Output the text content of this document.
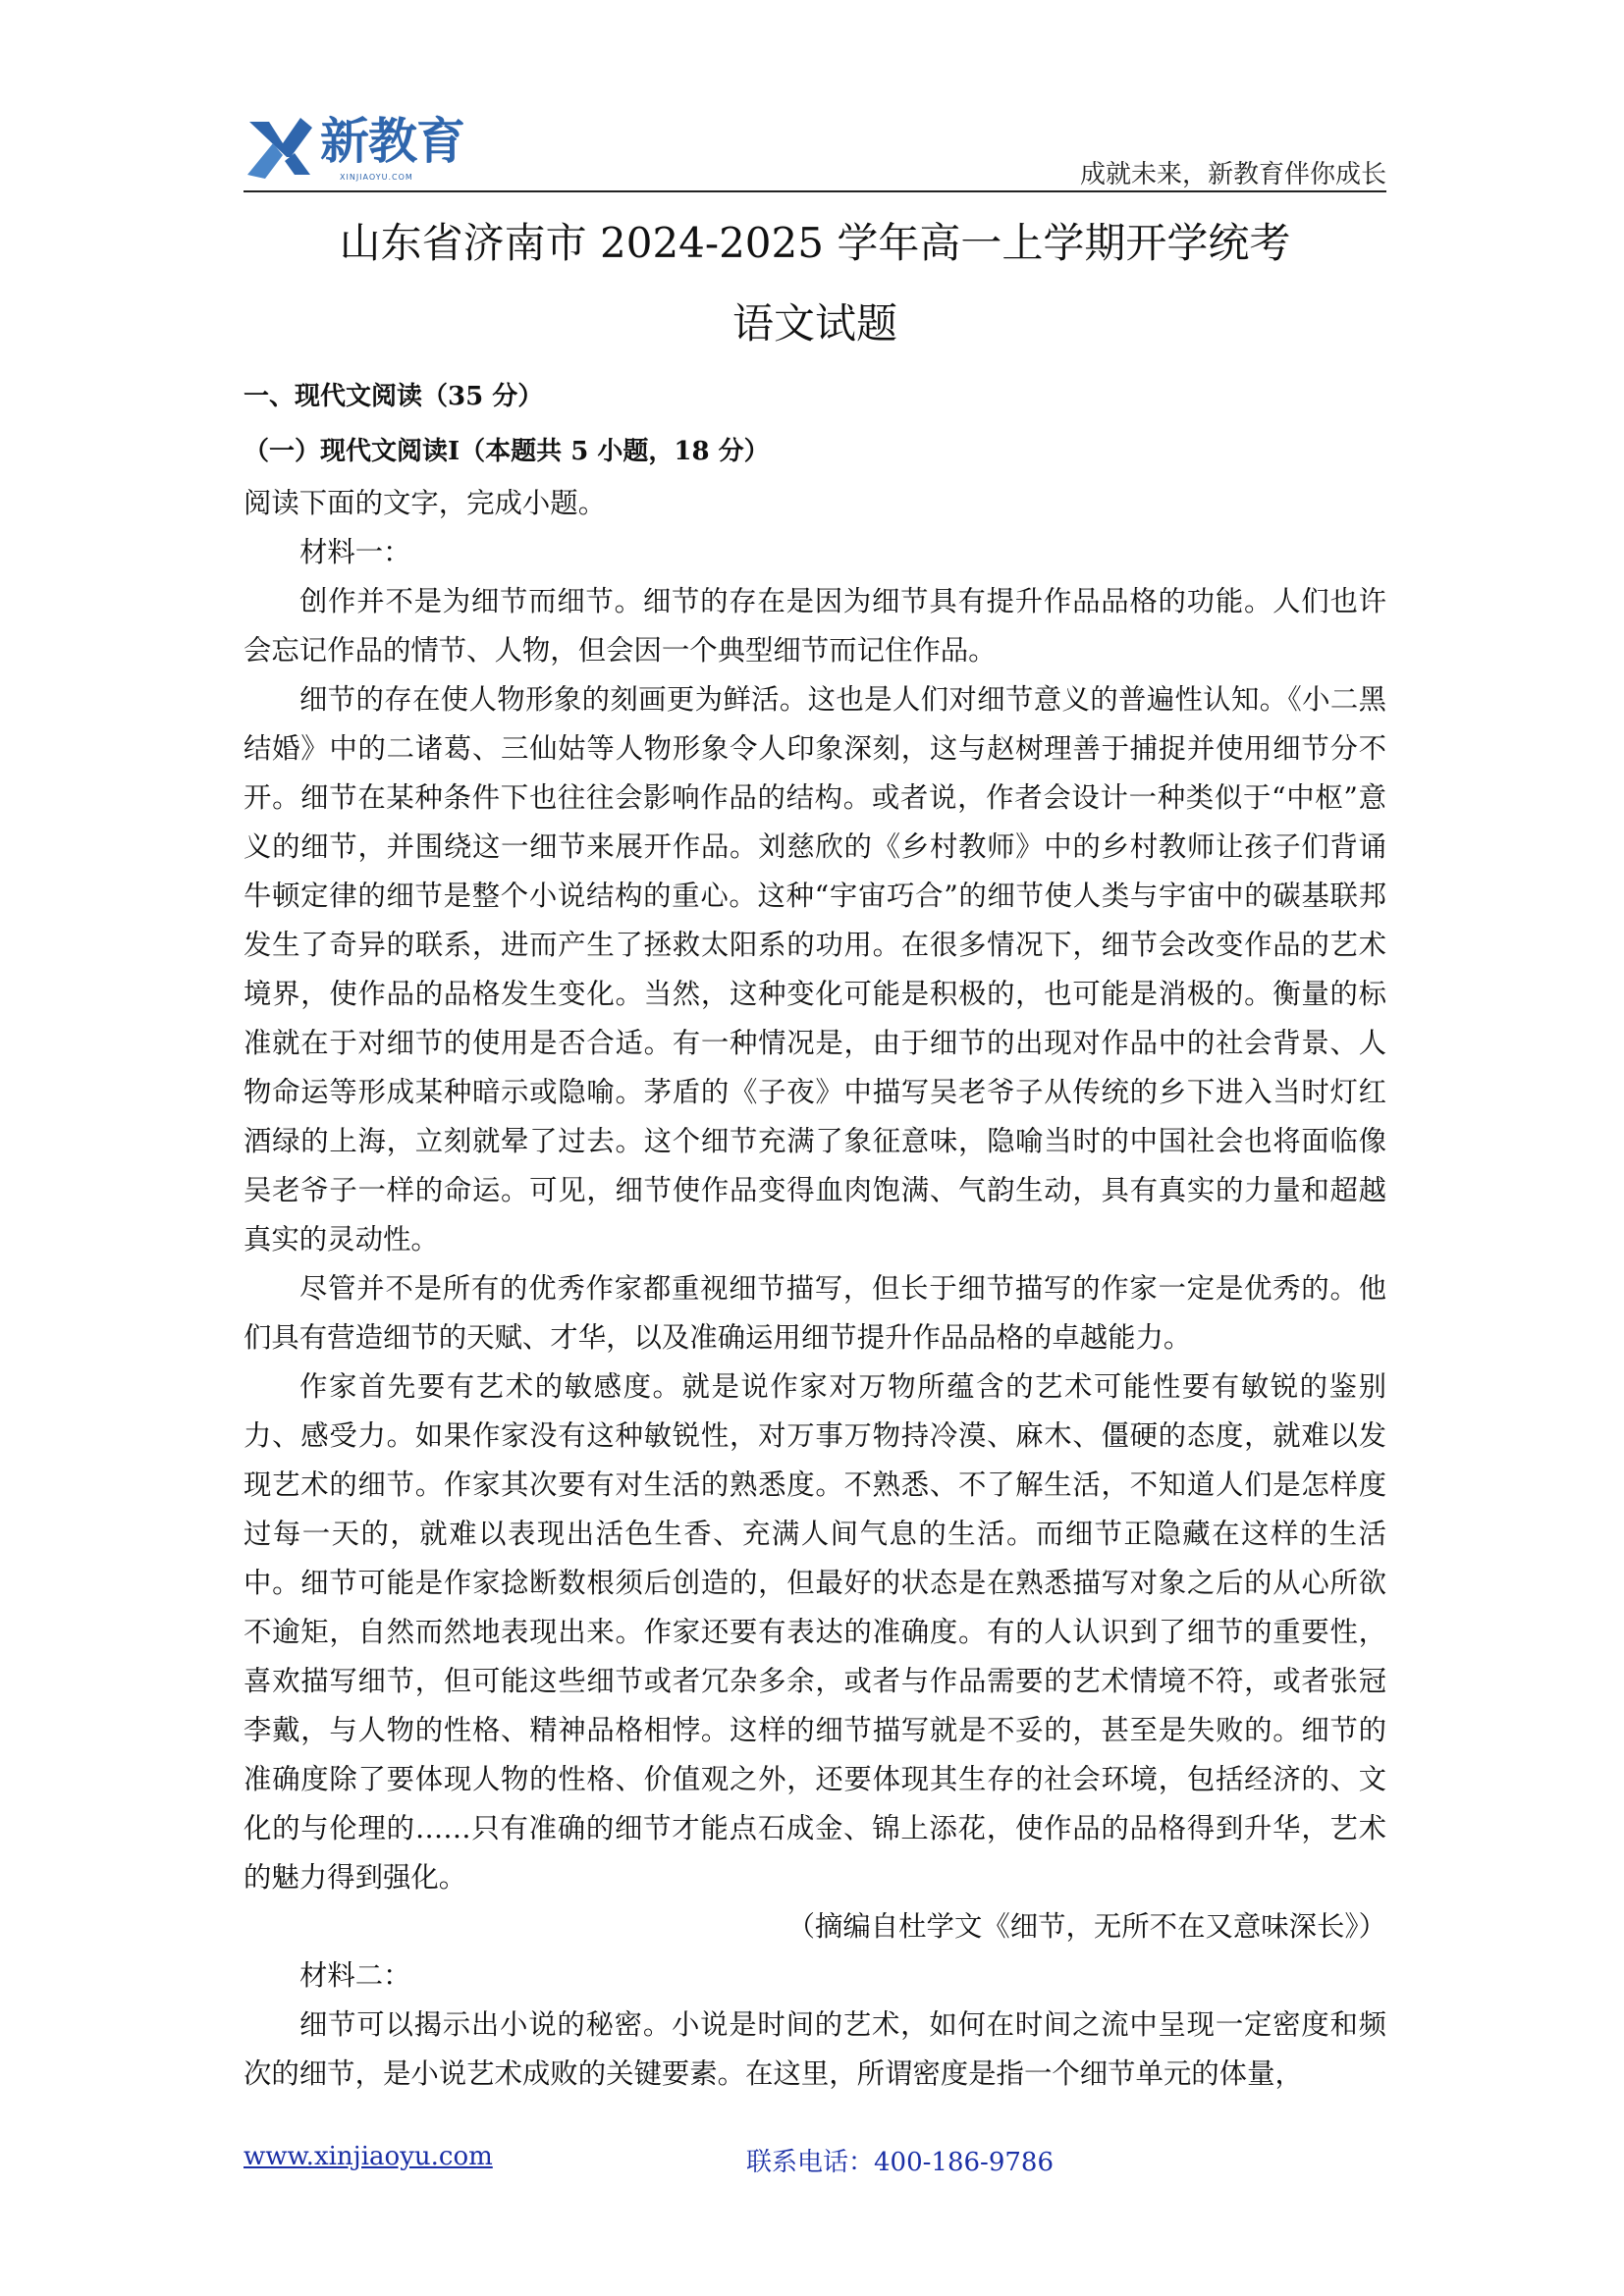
新教育
XINJIAOYU.COM	成就未来，新教育伴你成长
山东省济南市 2024-2025 学年高一上学期开学统考
语文试题
一、现代文阅读（35 分）
（一）现代文阅读Ⅰ（本题共 5 小题，18 分）
阅读下面的文字，完成小题。
材料一：
创作并不是为细节而细节。细节的存在是因为细节具有提升作品品格的功能。人们也许会忘记作品的情节、人物，但会因一个典型细节而记住作品。
细节的存在使人物形象的刻画更为鲜活。这也是人们对细节意义的普遍性认知。《小二黑结婚》中的二诸葛、三仙姑等人物形象令人印象深刻，这与赵树理善于捕捉并使用细节分不开。细节在某种条件下也往往会影响作品的结构。或者说，作者会设计一种类似于“中枢”意义的细节，并围绕这一细节来展开作品。刘慈欣的《乡村教师》中的乡村教师让孩子们背诵牛顿定律的细节是整个小说结构的重心。这种“宇宙巧合”的细节使人类与宇宙中的碳基联邦发生了奇异的联系，进而产生了拯救太阳系的功用。在很多情况下，细节会改变作品的艺术境界，使作品的品格发生变化。当然，这种变化可能是积极的，也可能是消极的。衡量的标准就在于对细节的使用是否合适。有一种情况是，由于细节的出现对作品中的社会背景、人物命运等形成某种暗示或隐喻。茅盾的《子夜》中描写吴老爷子从传统的乡下进入当时灯红酒绿的上海，立刻就晕了过去。这个细节充满了象征意味，隐喻当时的中国社会也将面临像吴老爷子一样的命运。可见，细节使作品变得血肉饱满、气韵生动，具有真实的力量和超越真实的灵动性。
尽管并不是所有的优秀作家都重视细节描写，但长于细节描写的作家一定是优秀的。他们具有营造细节的天赋、才华，以及准确运用细节提升作品品格的卓越能力。
作家首先要有艺术的敏感度。就是说作家对万物所蕴含的艺术可能性要有敏锐的鉴别力、感受力。如果作家没有这种敏锐性，对万事万物持冷漠、麻木、僵硬的态度，就难以发现艺术的细节。作家其次要有对生活的熟悉度。不熟悉、不了解生活，不知道人们是怎样度过每一天的，就难以表现出活色生香、充满人间气息的生活。而细节正隐藏在这样的生活中。细节可能是作家捻断数根须后创造的，但最好的状态是在熟悉描写对象之后的从心所欲不逾矩，自然而然地表现出来。作家还要有表达的准确度。有的人认识到了细节的重要性，喜欢描写细节，但可能这些细节或者冗杂多余，或者与作品需要的艺术情境不符，或者张冠李戴，与人物的性格、精神品格相悖。这样的细节描写就是不妥的，甚至是失败的。细节的准确度除了要体现人物的性格、价值观之外，还要体现其生存的社会环境，包括经济的、文化的与伦理的……只有准确的细节才能点石成金、锦上添花，使作品的品格得到升华，艺术的魅力得到强化。
（摘编自杜学文《细节，无所不在又意味深长》）
材料二：
细节可以揭示出小说的秘密。小说是时间的艺术，如何在时间之流中呈现一定密度和频次的细节，是小说艺术成败的关键要素。在这里，所谓密度是指一个细节单元的体量，
www.xinjiaoyu.com	联系电话：400-186-9786
